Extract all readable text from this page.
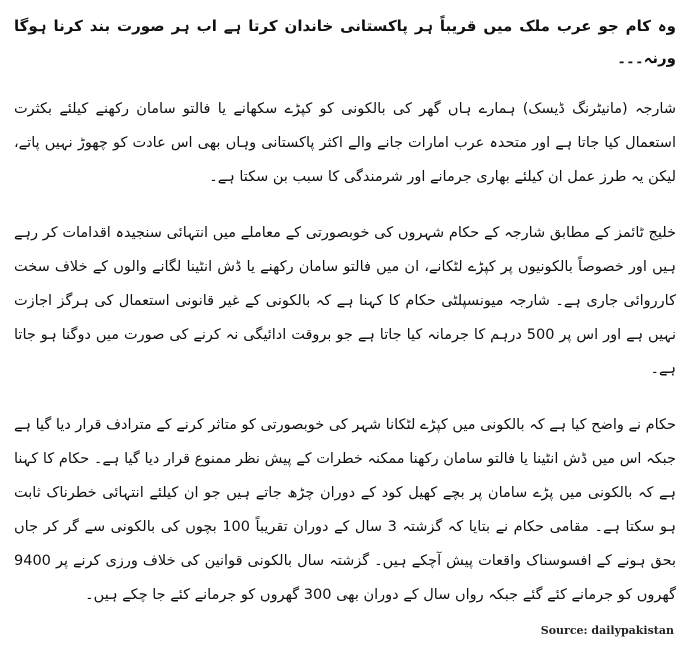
وہ کام جو عرب ملک میں قریباً ہر پاکستانی خاندان کرتا ہے اب ہر صورت بند کرنا ہوگا ورنہ۔۔۔

شارجہ (مانیٹرنگ ڈیسک) ہمارے ہاں گھر کی بالکونی کو کپڑے سکھانے یا فالتو سامان رکھنے کیلئے بکثرت استعمال کیا جاتا ہے اور متحدہ عرب امارات جانے والے اکثر پاکستانی وہاں بھی اس عادت کو چھوڑ نہیں پاتے، لیکن یہ طرز عمل ان کیلئے بھاری جرمانے اور شرمندگی کا سبب بن سکتا ہے۔

خلیج ٹائمز کے مطابق شارجہ کے حکام شہروں کی خوبصورتی کے معاملے میں انتہائی سنجیدہ اقدامات کر رہے ہیں اور خصوصاً بالکونیوں پر کپڑے لٹکانے، ان میں فالتو سامان رکھنے یا ڈش انٹینا لگانے والوں کے خلاف سخت کارروائی جاری ہے۔ شارجہ میونسپلٹی حکام کا کہنا ہے کہ بالکونی کے غیر قانونی استعمال کی ہرگز اجازت نہیں ہے اور اس پر 500 درہم کا جرمانہ کیا جاتا ہے جو بروقت ادائیگی نہ کرنے کی صورت میں دوگنا ہو جاتا ہے۔

حکام نے واضح کیا ہے کہ بالکونی میں کپڑے لٹکانا شہر کی خوبصورتی کو متاثر کرنے کے مترادف قرار دیا گیا ہے جبکہ اس میں ڈش انٹینا یا فالتو سامان رکھنا ممکنہ خطرات کے پیش نظر ممنوع قرار دیا گیا ہے۔ حکام کا کہنا ہے کہ بالکونی میں پڑے سامان پر بچے کھیل کود کے دوران چڑھ جاتے ہیں جو ان کیلئے انتہائی خطرناک ثابت ہو سکتا ہے۔ مقامی حکام نے بتایا کہ گزشتہ 3 سال کے دوران تقریباً 100 بچوں کی بالکونی سے گر کر جاں بحق ہونے کے افسوسناک واقعات پیش آچکے ہیں۔ گزشتہ سال بالکونی قوانین کی خلاف ورزی کرنے پر 9400 گھروں کو جرمانے کئے گئے جبکہ رواں سال کے دوران بھی 300 گھروں کو جرمانے کئے جا چکے ہیں۔

Source: dailypakistan
